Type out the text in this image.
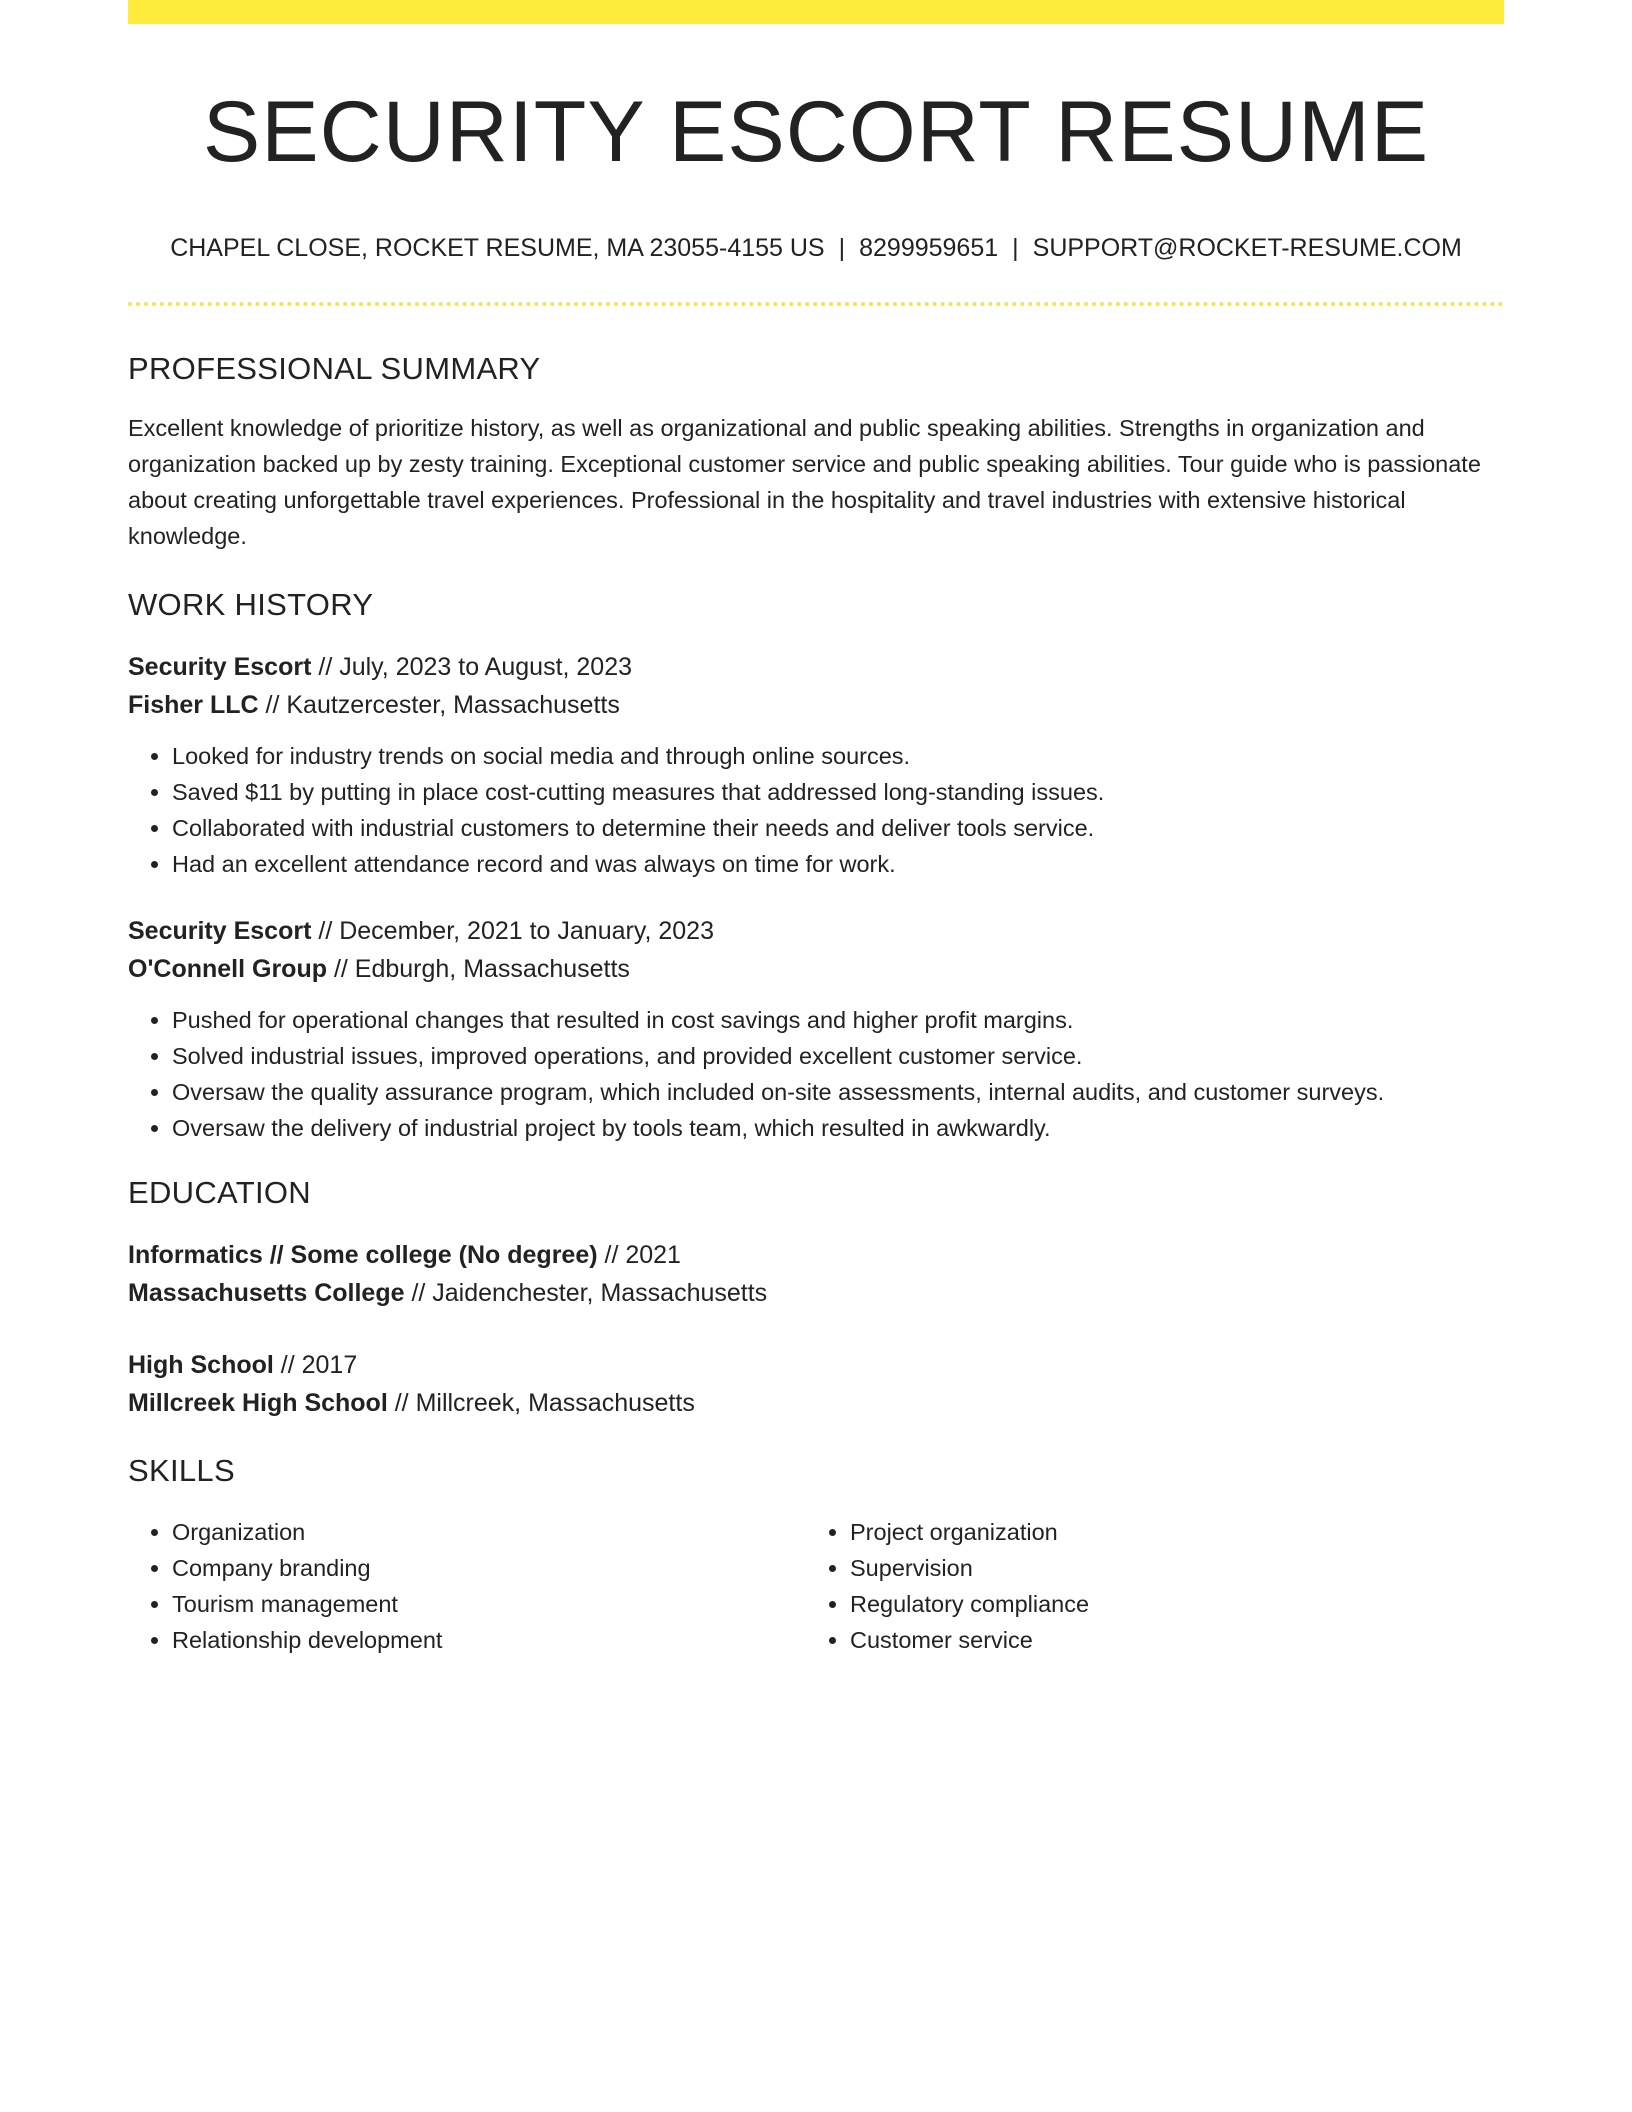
SECURITY ESCORT RESUME
CHAPEL CLOSE, ROCKET RESUME, MA 23055-4155 US | 8299959651 | SUPPORT@ROCKET-RESUME.COM
PROFESSIONAL SUMMARY
Excellent knowledge of prioritize history, as well as organizational and public speaking abilities. Strengths in organization and organization backed up by zesty training. Exceptional customer service and public speaking abilities. Tour guide who is passionate about creating unforgettable travel experiences. Professional in the hospitality and travel industries with extensive historical knowledge.
WORK HISTORY
Security Escort // July, 2023 to August, 2023
Fisher LLC // Kautzercester, Massachusetts
• Looked for industry trends on social media and through online sources.
• Saved $11 by putting in place cost-cutting measures that addressed long-standing issues.
• Collaborated with industrial customers to determine their needs and deliver tools service.
• Had an excellent attendance record and was always on time for work.
Security Escort // December, 2021 to January, 2023
O'Connell Group // Edburgh, Massachusetts
• Pushed for operational changes that resulted in cost savings and higher profit margins.
• Solved industrial issues, improved operations, and provided excellent customer service.
• Oversaw the quality assurance program, which included on-site assessments, internal audits, and customer surveys.
• Oversaw the delivery of industrial project by tools team, which resulted in awkwardly.
EDUCATION
Informatics // Some college (No degree) // 2021
Massachusetts College // Jaidenchester, Massachusetts
High School // 2017
Millcreek High School // Millcreek, Massachusetts
SKILLS
• Organization
• Company branding
• Tourism management
• Relationship development
• Project organization
• Supervision
• Regulatory compliance
• Customer service
